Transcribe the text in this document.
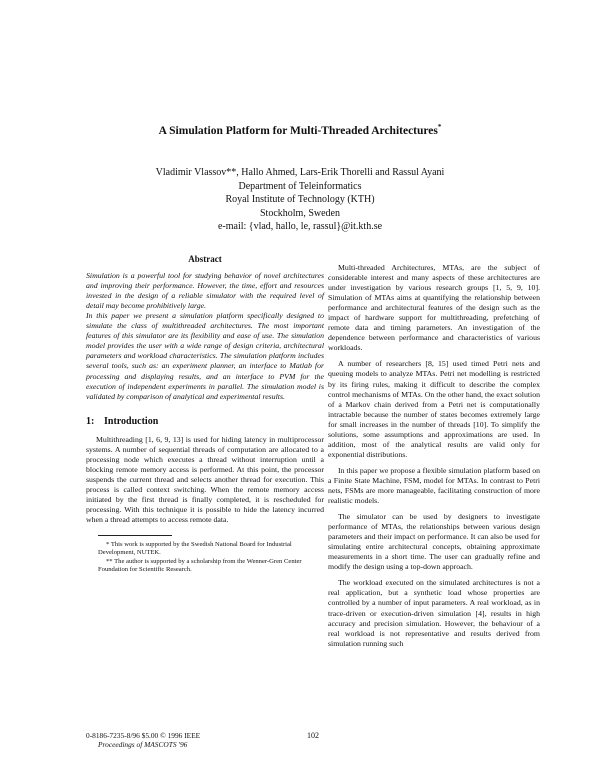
A Simulation Platform for Multi-Threaded Architectures*
Vladimir Vlassov**, Hallo Ahmed, Lars-Erik Thorelli and Rassul Ayani
Department of Teleinformatics
Royal Institute of Technology (KTH)
Stockholm, Sweden
e-mail: {vlad, hallo, le, rassul}@it.kth.se
Abstract

Simulation is a powerful tool for studying behavior of novel architectures and improving their performance. However, the time, effort and resources invested in the design of a reliable simulator with the required level of detail may become prohibitively large.

In this paper we present a simulation platform specifically designed to simulate the class of multithreaded architectures. The most important features of this simulator are its flexibility and ease of use. The simulation model provides the user with a wide range of design criteria, architectural parameters and workload characteristics. The simulation platform includes several tools, such as: an experiment planner, an interface to Matlab for processing and displaying results, and an interface to PVM for the execution of independent experiments in parallel. The simulation model is validated by comparison of analytical and experimental results.

1: Introduction

Multithreading [1, 6, 9, 13] is used for hiding latency in multiprocessor systems. A number of sequential threads of computation are allocated to a processing node which executes a thread without interruption until a blocking remote memory access is performed. At this point, the processor suspends the current thread and selects another thread for execution. This process is called context switching. When the remote memory access initiated by the first thread is finally completed, it is rescheduled for processing. With this technique it is possible to hide the latency incurred when a thread attempts to access remote data.

* This work is supported by the Swedish National Board for Industrial Development, NUTEK.

** The author is supported by a scholarship from the Wenner-Gren Center Foundation for Scientific Research.

Multi-threaded Architectures, MTAs, are the subject of considerable interest and many aspects of these architectures are under investigation by various research groups [1, 5, 9, 10]. Simulation of MTAs aims at quantifying the relationship between performance and architectural features of the design such as the impact of hardware support for multithreading, prefetching of remote data and timing parameters. An investigation of the dependence between performance and characteristics of various workloads.

A number of researchers [8, 15] used timed Petri nets and queuing models to analyze MTAs. Petri net modelling is restricted by its firing rules, making it difficult to describe the complex control mechanisms of MTAs. On the other hand, the exact solution of a Markov chain derived from a Petri net is computationally intractable because the number of states becomes extremely large for small increases in the number of threads [10]. To simplify the solutions, some assumptions and approximations are used. In addition, most of the analytical results are valid only for exponential distributions.

In this paper we propose a flexible simulation platform based on a Finite State Machine, FSM, model for MTAs. In contrast to Petri nets, FSMs are more manageable, facilitating construction of more realistic models.

The simulator can be used by designers to investigate performance of MTAs, the relationships between various design parameters and their impact on performance. It can also be used for simulating entire architectural concepts, obtaining approximate measurements in a short time. The user can gradually refine and modify the design using a top-down approach.

The workload executed on the simulated architectures is not a real application, but a synthetic load whose properties are controlled by a number of input parameters. A real workload, as in trace-driven or execution-driven simulation [4], results in high accuracy and precision simulation. However, the behaviour of a real workload is not representative and results derived from simulation running such

0-8186-7235-8/96 $5.00 © 1996 IEEE
Proceedings of MASCOTS '96
102
